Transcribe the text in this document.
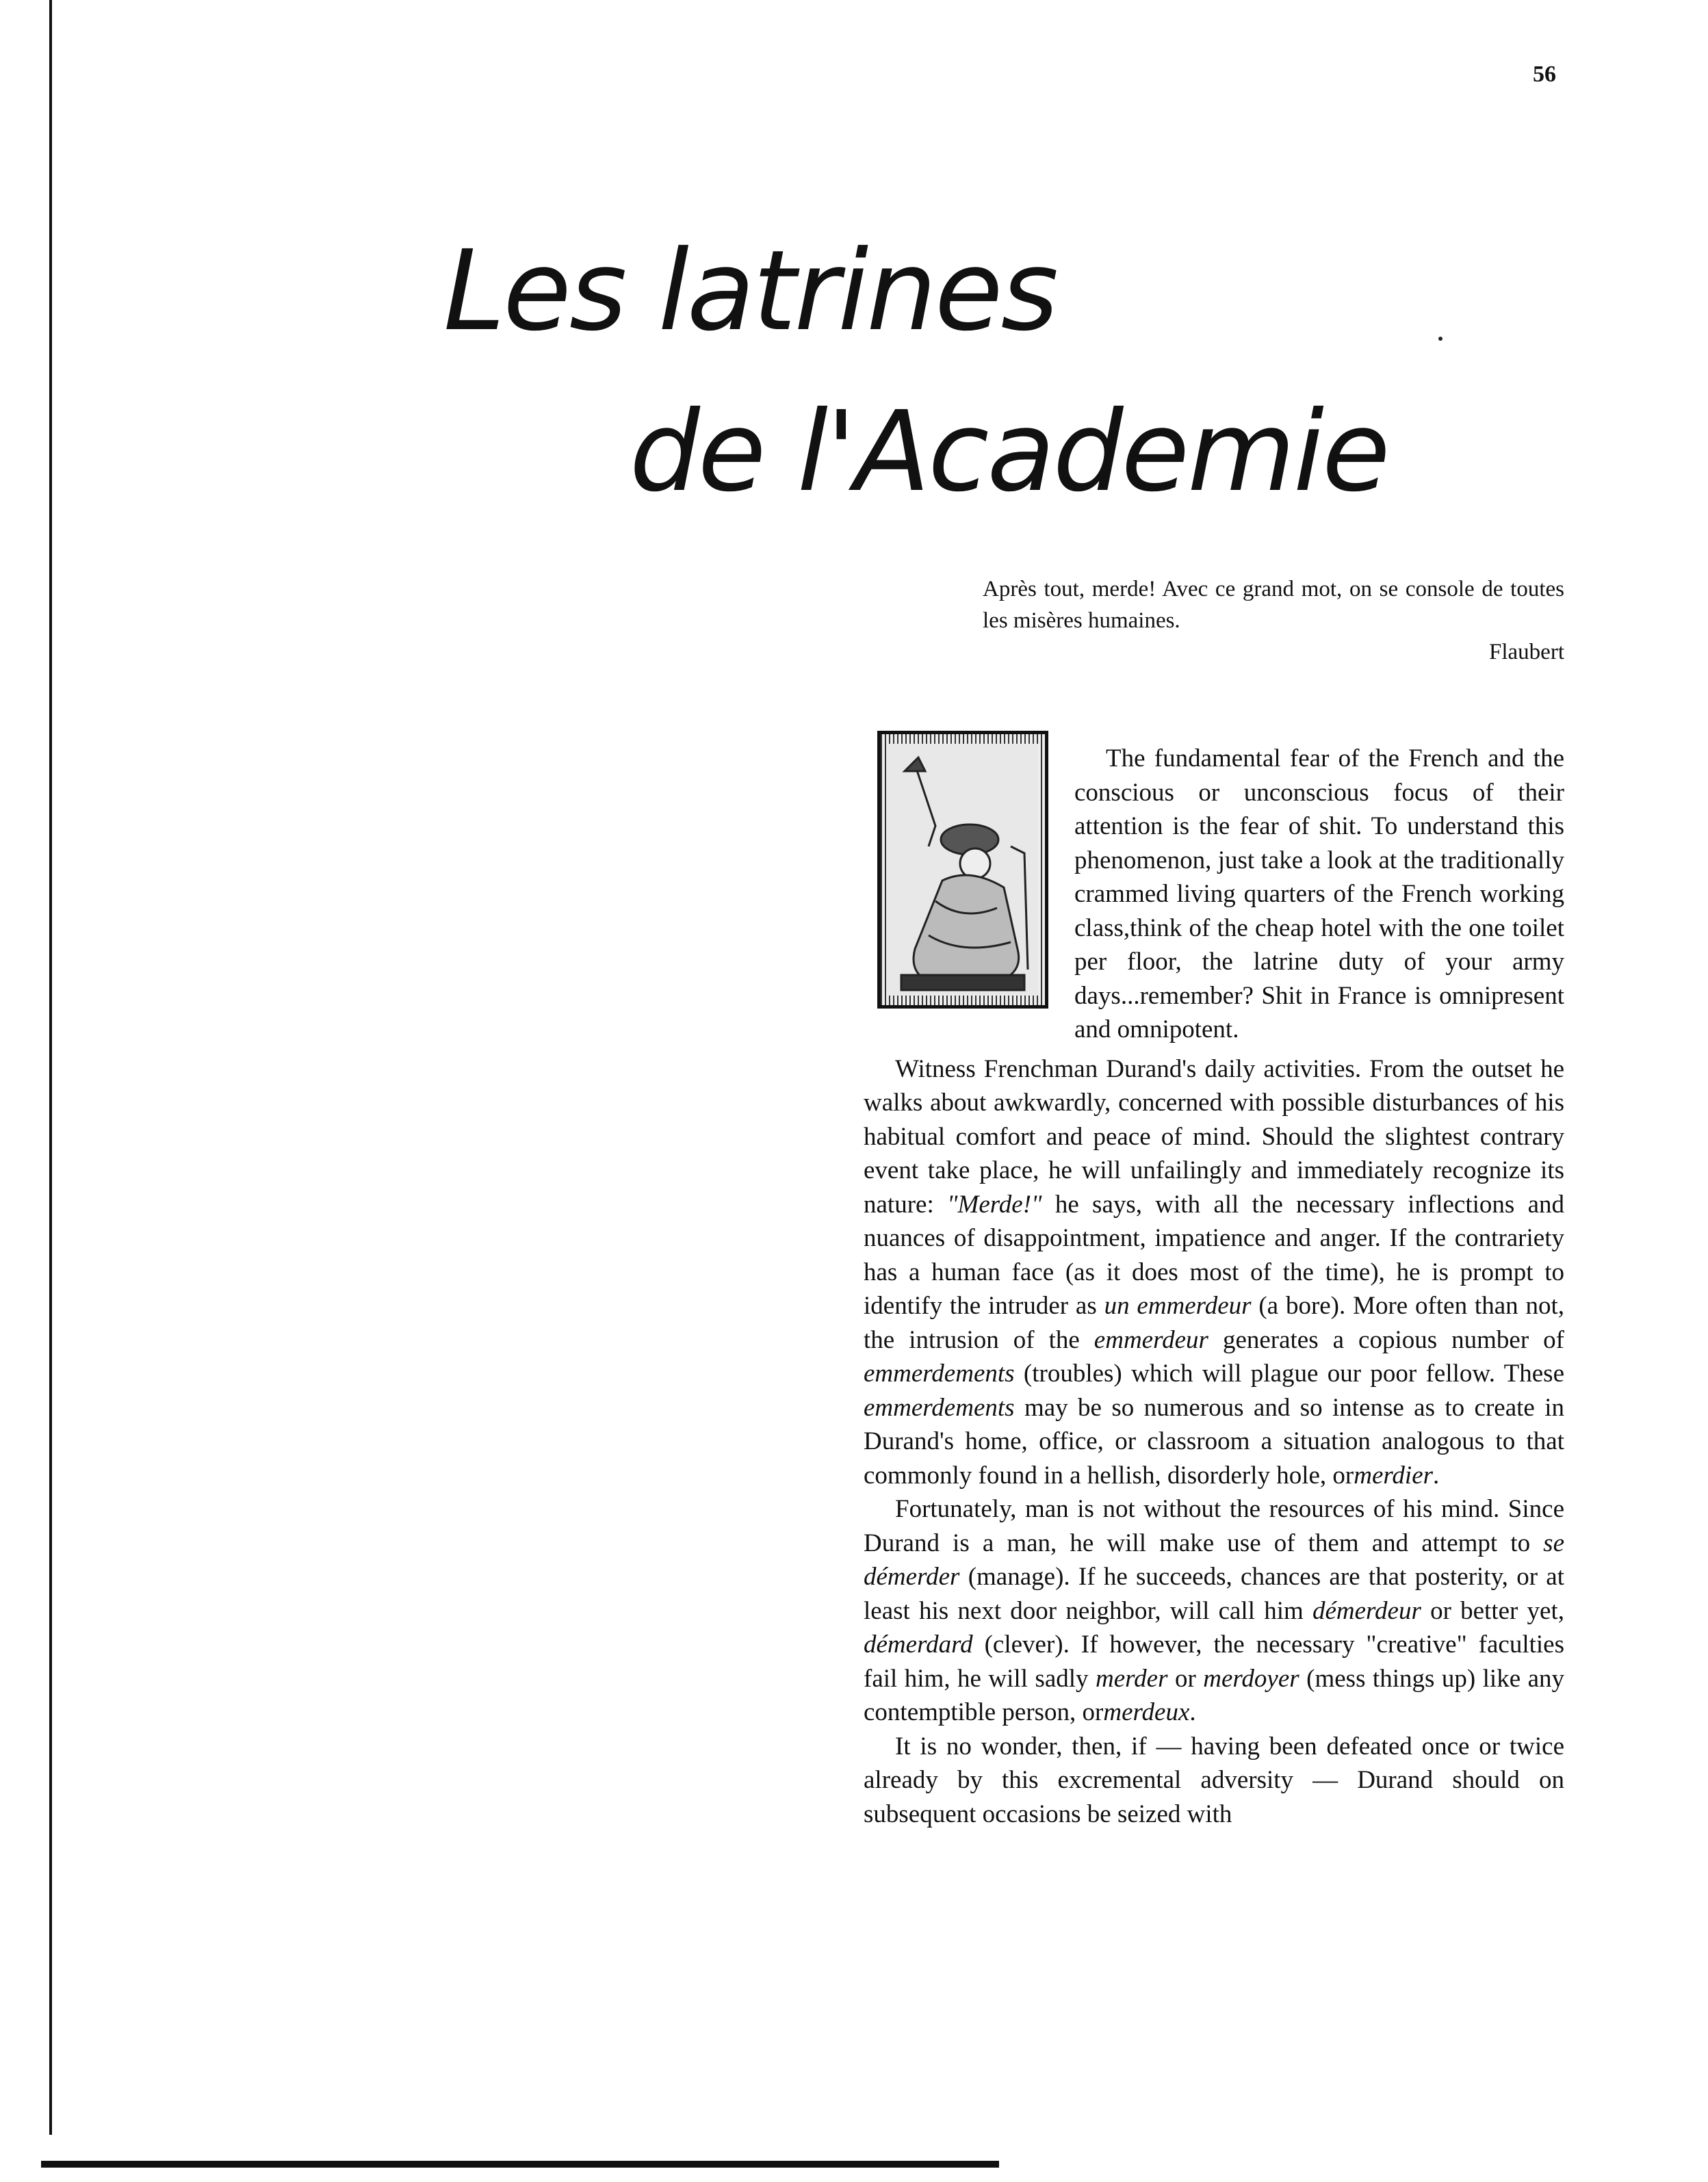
56
Les latrines
de l'Academie
Après tout, merde! Avec ce grand mot, on se console de toutes les misères humaines.
Flaubert

The fundamental fear of the French and the conscious or unconscious focus of their attention is the fear of shit. To understand this phenomenon, just take a look at the traditionally crammed living quarters of the French working class,think of the cheap hotel with the one toilet per floor, the latrine duty of your army days...remember? Shit in France is omnipresent and omnipotent.

Witness Frenchman Durand's daily activities. From the outset he walks about awkwardly, concerned with possible disturbances of his habitual comfort and peace of mind. Should the slightest contrary event take place, he will unfailingly and immediately recognize its nature: "Merde!" he says, with all the necessary inflections and nuances of disappointment, impatience and anger. If the contrariety has a human face (as it does most of the time), he is prompt to identify the intruder as un emmerdeur (a bore). More often than not, the intrusion of the emmerdeur generates a copious number of emmerdements (troubles) which will plague our poor fellow. These emmerdements may be so numerous and so intense as to create in Durand's home, office, or classroom a situation analogous to that commonly found in a hellish, disorderly hole, ormerdier.

Fortunately, man is not without the resources of his mind. Since Durand is a man, he will make use of them and attempt to se démerder (manage). If he succeeds, chances are that posterity, or at least his next door neighbor, will call him démerdeur or better yet, démerdard (clever). If however, the necessary "creative" faculties fail him, he will sadly merder or merdoyer (mess things up) like any contemptible person, ormerdeux.

It is no wonder, then, if — having been defeated once or twice already by this excremental adversity — Durand should on subsequent occasions be seized with
